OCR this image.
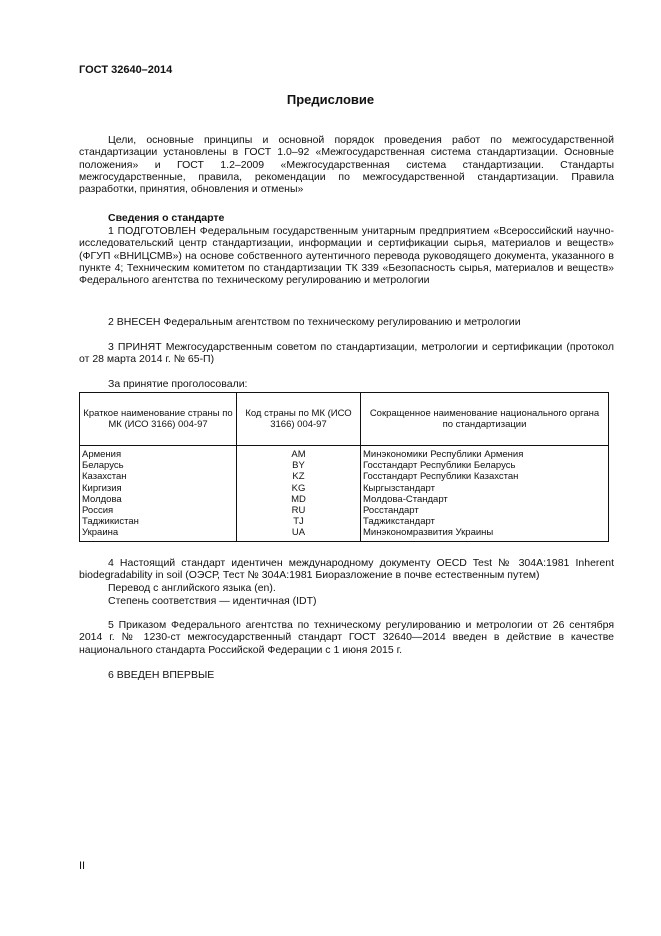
ГОСТ 32640–2014
Предисловие

Цели, основные принципы и основной порядок проведения работ по межгосударственной стандартизации установлены в ГОСТ 1.0–92 «Межгосударственная система стандартизации. Основные положения» и ГОСТ 1.2–2009 «Межгосударственная система стандартизации. Стандарты межгосударственные, правила, рекомендации по межгосударственной стандартизации. Правила разработки, принятия, обновления и отмены»

Сведения о стандарте

1 ПОДГОТОВЛЕН Федеральным государственным унитарным предприятием «Всероссийский научно-исследовательский центр стандартизации, информации и сертификации сырья, материалов и веществ» (ФГУП «ВНИЦСМВ») на основе собственного аутентичного перевода руководящего документа, указанного в пункте 4; Техническим комитетом по стандартизации ТК 339 «Безопасность сырья, материалов и веществ» Федерального агентства по техническому регулированию и метрологии

2 ВНЕСЕН Федеральным агентством по техническому регулированию и метрологии

3 ПРИНЯТ Межгосударственным советом по стандартизации, метрологии и сертификации (протокол от 28 марта 2014 г. № 65-П)

За принятие проголосовали:

Краткое наименование страны по МК (ИСО 3166) 004-97	Код страны по МК (ИСО 3166) 004-97	Сокращенное наименование национального органа по стандартизации
Армения	AM	Минэкономики Республики Армения
Беларусь	BY	Госстандарт Республики Беларусь
Казахстан	KZ	Госстандарт Республики Казахстан
Киргизия	KG	Кыргызстандарт
Молдова	MD	Молдова-Стандарт
Россия	RU	Росстандарт
Таджикистан	TJ	Таджикстандарт
Украина	UA	Минэкономразвития Украины

4 Настоящий стандарт идентичен международному документу OECD Test № 304А:1981 Inherent biodegradability in soil (ОЭСР, Тест № 304А:1981 Биоразложение в почве естественным путем)

Перевод с английского языка (en).

Степень соответствия — идентичная (IDT)

5 Приказом Федерального агентства по техническому регулированию и метрологии от 26 сентября 2014 г. № 1230-ст межгосударственный стандарт ГОСТ 32640—2014 введен в действие в качестве национального стандарта Российской Федерации с 1 июня 2015 г.

6 ВВЕДЕН ВПЕРВЫЕ

II
